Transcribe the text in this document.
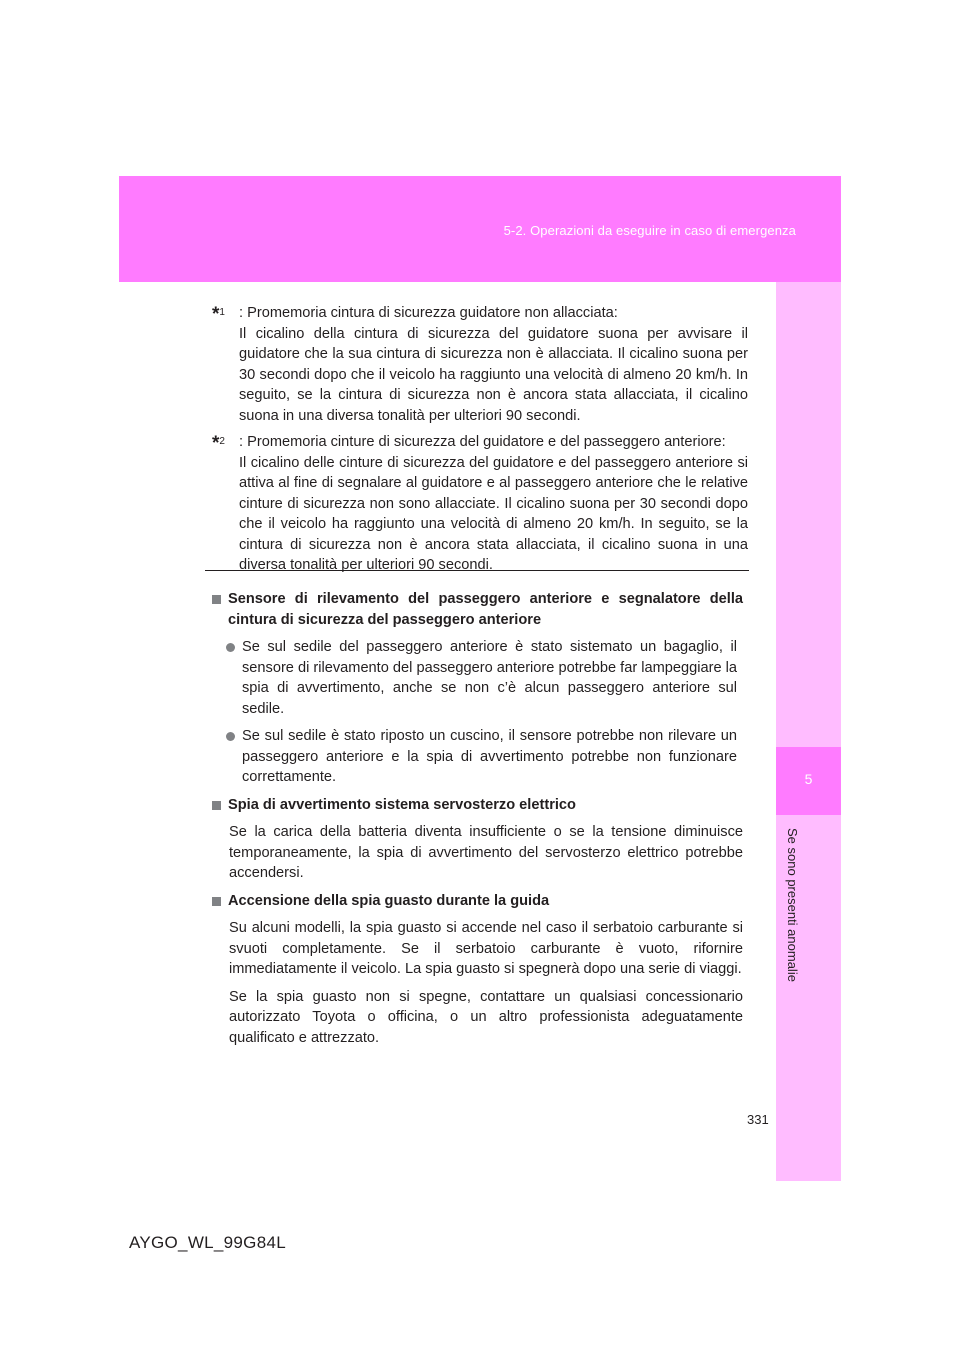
5-2. Operazioni da eseguire in caso di emergenza
5
Se sono presenti anomalie
*$^1$ : Promemoria cintura di sicurezza guidatore non allacciata:
Il cicalino della cintura di sicurezza del guidatore suona per avvisare il guidatore che la sua cintura di sicurezza non è allacciata. Il cicalino suona per 30 secondi dopo che il veicolo ha raggiunto una velocità di almeno 20 km/h. In seguito, se la cintura di sicurezza non è ancora stata allacciata, il cicalino suona in una diversa tonalità per ulteriori 90 secondi.
*$^2$ : Promemoria cinture di sicurezza del guidatore e del passeggero anteriore:
Il cicalino delle cinture di sicurezza del guidatore e del passeggero anteriore si attiva al fine di segnalare al guidatore e al passeggero anteriore che le relative cinture di sicurezza non sono allacciate. Il cicalino suona per 30 secondi dopo che il veicolo ha raggiunto una velocità di almeno 20 km/h. In seguito, se la cintura di sicurezza non è ancora stata allacciata, il cicalino suona in una diversa tonalità per ulteriori 90 secondi.
Sensore di rilevamento del passeggero anteriore e segnalatore della cintura di sicurezza del passeggero anteriore
Se sul sedile del passeggero anteriore è stato sistemato un bagaglio, il sensore di rilevamento del passeggero anteriore potrebbe far lampeggiare la spia di avvertimento, anche se non c’è alcun passeggero anteriore sul sedile.
Se sul sedile è stato riposto un cuscino, il sensore potrebbe non rilevare un passeggero anteriore e la spia di avvertimento potrebbe non funzionare correttamente.
Spia di avvertimento sistema servosterzo elettrico
Se la carica della batteria diventa insufficiente o se la tensione diminuisce temporaneamente, la spia di avvertimento del servosterzo elettrico potrebbe accendersi.
Accensione della spia guasto durante la guida
Su alcuni modelli, la spia guasto si accende nel caso il serbatoio carburante si svuoti completamente. Se il serbatoio carburante è vuoto, rifornire immediatamente il veicolo. La spia guasto si spegnerà dopo una serie di viaggi.
Se la spia guasto non si spegne, contattare un qualsiasi concessionario autorizzato Toyota o officina, o un altro professionista adeguatamente qualificato e attrezzato.
331
AYGO_WL_99G84L
